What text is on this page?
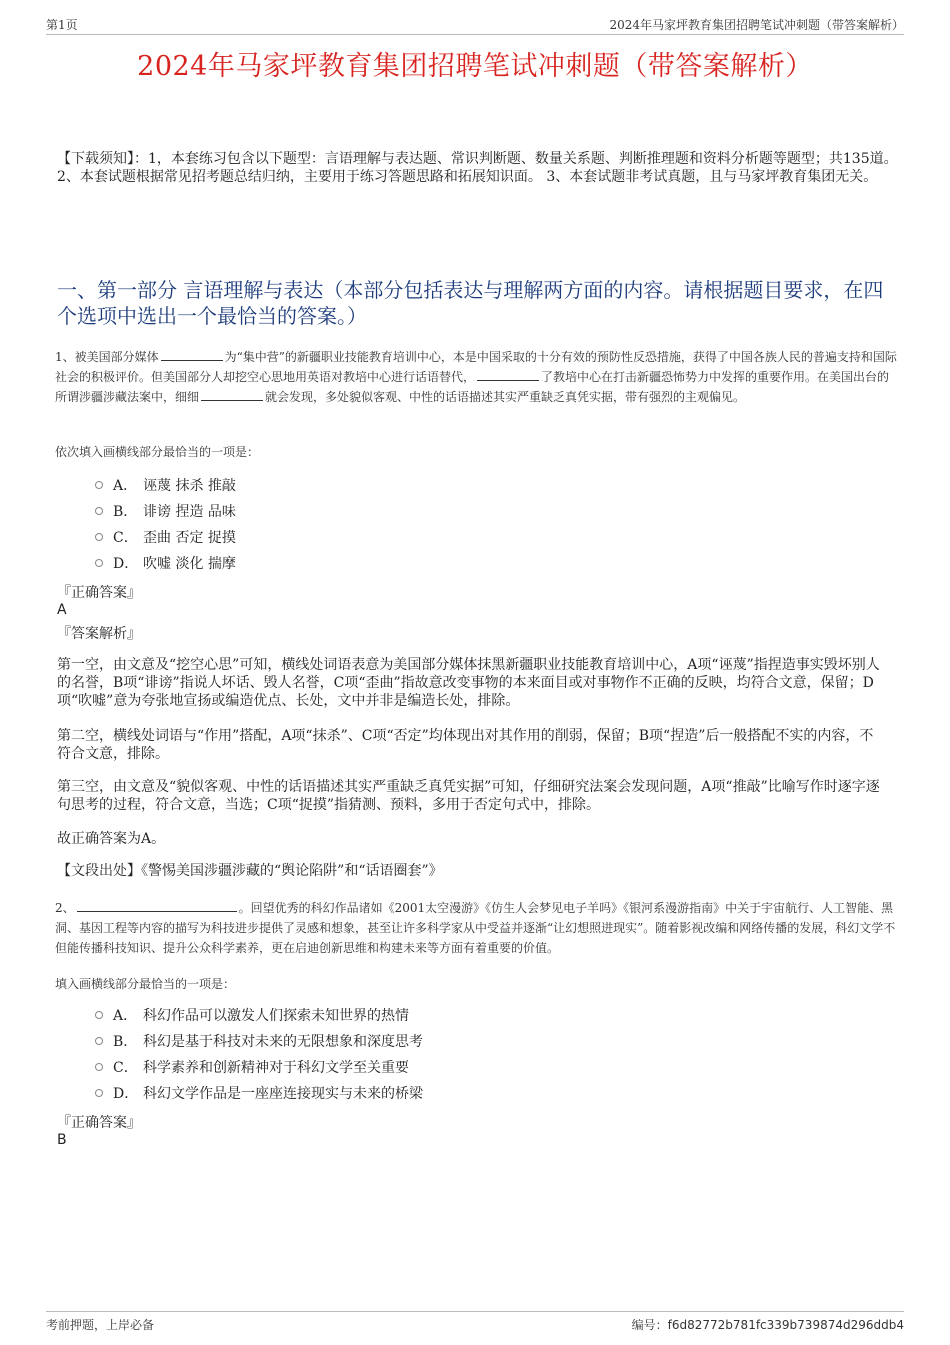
第1页	2024年马家坪教育集团招聘笔试冲刺题（带答案解析）
2024年马家坪教育集团招聘笔试冲刺题（带答案解析）
【下载须知】：1，本套练习包含以下题型：言语理解与表达题、常识判断题、数量关系题、判断推理题和资料分析题等题型；共135道。 2、本套试题根据常见招考题总结归纳，主要用于练习答题思路和拓展知识面。 3、本套试题非考试真题，且与马家坪教育集团无关。
一、第一部分 言语理解与表达（本部分包括表达与理解两方面的内容。请根据题目要求，在四个选项中选出一个最恰当的答案。）
1、被美国部分媒体	为“集中营”的新疆职业技能教育培训中心，本是中国采取的十分有效的预防性反恐措施，获得了中国各族人民的普遍支持和国际社会的积极评价。但美国部分人却挖空心思地用英语对教培中心进行话语替代，	了教培中心在打击新疆恐怖势力中发挥的重要作用。在美国出台的所谓涉疆涉藏法案中，细细	就会发现，多处貌似客观、中性的话语描述其实严重缺乏真凭实据，带有强烈的主观偏见。
依次填入画横线部分最恰当的一项是：
A． 诬蔑 抹杀 推敲
B． 诽谤 捏造 品味
C． 歪曲 否定 捉摸
D． 吹嘘 淡化 揣摩
『正确答案』
A
『答案解析』
第一空，由文意及“挖空心思”可知，横线处词语表意为美国部分媒体抹黑新疆职业技能教育培训中心，A项“诬蔑”指捏造事实毁坏别人的名誉，B项“诽谤”指说人坏话、毁人名誉，C项“歪曲”指故意改变事物的本来面目或对事物作不正确的反映，均符合文意，保留；D项“吹嘘”意为夸张地宣扬或编造优点、长处，文中并非是编造长处，排除。
第二空，横线处词语与“作用”搭配，A项“抹杀”、C项“否定”均体现出对其作用的削弱，保留；B项“捏造”后一般搭配不实的内容，不符合文意，排除。
第三空，由文意及“貌似客观、中性的话语描述其实严重缺乏真凭实据”可知，仔细研究法案会发现问题，A项“推敲”比喻写作时逐字逐句思考的过程，符合文意，当选；C项“捉摸”指猜测、预料，多用于否定句式中，排除。
故正确答案为A。
【文段出处】《警惕美国涉疆涉藏的“舆论陷阱”和“话语圈套”》
2、	。回望优秀的科幻作品诸如《2001太空漫游》《仿生人会梦见电子羊吗》《银河系漫游指南》中关于宇宙航行、人工智能、黑洞、基因工程等内容的描写为科技进步提供了灵感和想象，甚至让许多科学家从中受益并逐渐“让幻想照进现实”。随着影视改编和网络传播的发展，科幻文学不但能传播科技知识、提升公众科学素养，更在启迪创新思维和构建未来等方面有着重要的价值。
填入画横线部分最恰当的一项是：
A． 科幻作品可以激发人们探索未知世界的热情
B． 科幻是基于科技对未来的无限想象和深度思考
C． 科学素养和创新精神对于科幻文学至关重要
D． 科幻文学作品是一座座连接现实与未来的桥梁
『正确答案』
B
考前押题，上岸必备	编号：f6d82772b781fc339b739874d296ddb4
